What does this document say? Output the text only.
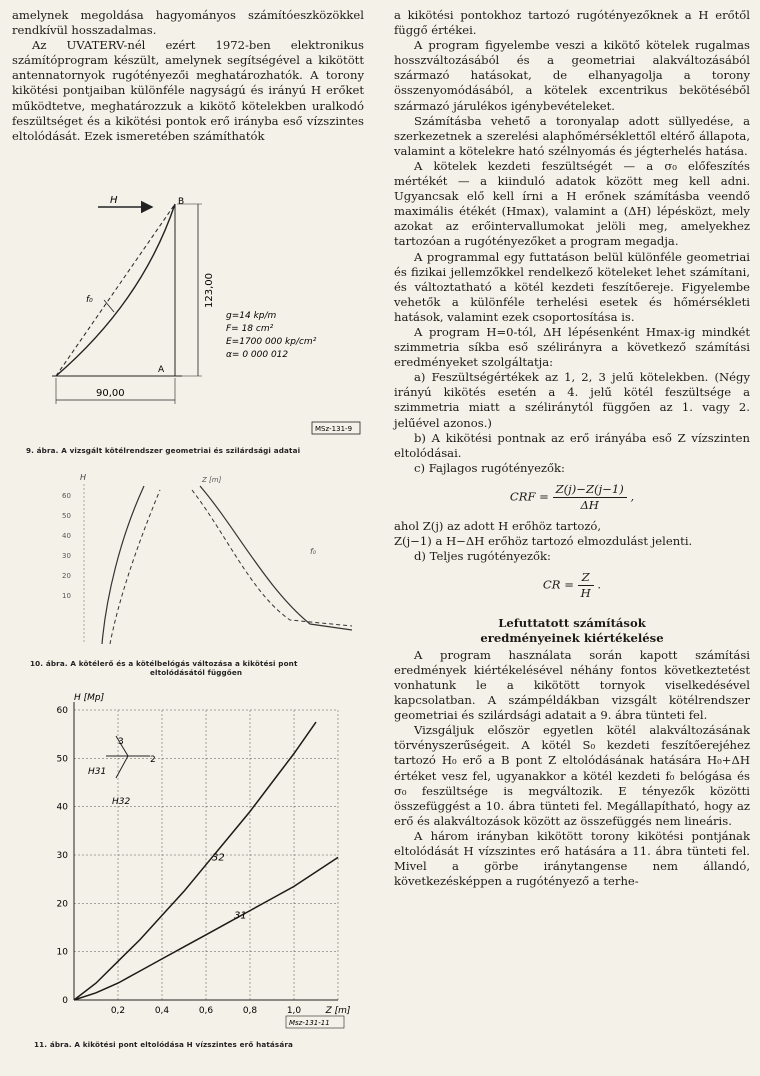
amelynek megoldása hagyományos számítóeszközökkel rendkívül hosszadalmas.

Az UVATERV-nél ezért 1972-ben elektronikus számítóprogram készült, amelynek segítségével a kikötött antennatornyok rugótényezői meghatározhatók. A torony kikötési pontjaiban különféle nagyságú és irányú H erőket működtetve, meghatározzuk a kikötő kötelekben uralkodó feszültséget és a kikötési pontok erő irányba eső vízszintes eltolódását. Ezek ismeretében számíthatók

H	B
f₀
A
123,00
90,00
g=14 kp/m
F= 18 cm²
E=1700 000 kp/cm²
α= 0 000 012
MSz-131-9
9. ábra. A vizsgált kötélrendszer geometriai és szilárdsági adatai
H
60
50
40
30
20
10
Z [m]
f₀
10. ábra. A kötélerő és a kötélbelógás változása a kikötési pont
eltolódásától függően
0
10
20
30
40
50
60
0,2	0,4	0,6	0,8	1,0	Z [m]
32
31
3
2
H31
H32
H [Mp]
Msz-131-11
11. ábra. A kikötési pont eltolódása H vízszintes erő hatására

a kikötési pontokhoz tartozó rugótényezőknek a H erőtől függő értékei.

A program figyelembe veszi a kikötő kötelek rugalmas hosszváltozásából és a geometriai alakváltozásából származó hatásokat, de elhanyagolja a torony összenyomódásából, a kötelek excentrikus bekötéséből származó járulékos igénybevételeket.

Számításba vehető a toronyalap adott süllyedése, a szerkezetnek a szerelési alaphőmérséklettől eltérő állapota, valamint a kötelekre ható szélnyomás és jégterhelés hatása.

A kötelek kezdeti feszültségét — a σ₀ előfeszítés mértékét — a kiinduló adatok között meg kell adni. Ugyancsak elő kell írni a H erőnek számításba veendő maximális étékét (Hmax), valamint a (ΔH) lépésközt, mely azokat az erőintervallumokat jelöli meg, amelyekhez tartozóan a rugótényezőket a program megadja.

A programmal egy futtatáson belül különféle geometriai és fizikai jellemzőkkel rendelkező köteleket lehet számítani, és változtatható a kötél kezdeti feszítőereje. Figyelembe vehetők a különféle terhelési esetek és hőmérsékleti hatások, valamint ezek csoportosítása is.

A program H=0-tól, ΔH lépésenként Hmax-ig mindkét szimmetria síkba eső szélirányra a következő számítási eredményeket szolgáltatja:

a) Feszültségértékek az 1, 2, 3 jelű kötelekben. (Négy irányú kikötés esetén a 4. jelű kötél feszültsége a szimmetria miatt a széliránytól függően az 1. vagy 2. jelűével azonos.)

b) A kikötési pontnak az erő irányába eső Z vízszinten eltolódásai.

c) Fajlagos rugótényezők:

CRF = $\frac{Z(j)-Z(j-1)}{\Delta H}$ ,

ahol Z(j) az adott H erőhöz tartozó,

Z(j−1) a H−ΔH erőhöz tartozó elmozdulást jelenti.

d) Teljes rugótényezők:

CR = $\frac{Z}{H}$ .
Lefuttatott számítások
eredményeinek kiértékelése

A program használata során kapott számítási eredmények kiértékelésével néhány fontos következtetést vonhatunk le a kikötött tornyok viselkedésével kapcsolatban. A számpéldákban vizsgált kötélrendszer geometriai és szilárdsági adatait a 9. ábra tünteti fel.

Vizsgáljuk először egyetlen kötél alakváltozásának törvényszerűségeit. A kötél S₀ kezdeti feszítőerejéhez tartozó H₀ erő a B pont Z eltolódásának hatására H₀+ΔH értéket vesz fel, ugyanakkor a kötél kezdeti f₀ belógása és σ₀ feszültsége is megváltozik. E tényezők közötti összefüggést a 10. ábra tünteti fel. Megállapítható, hogy az erő és alakváltozások között az összefüggés nem lineáris.

A három irányban kikötött torony kikötési pontjának eltolódását H vízszintes erő hatására a 11. ábra tünteti fel. Mivel a görbe iránytangense nem állandó, következésképpen a rugótényező a terhe-
